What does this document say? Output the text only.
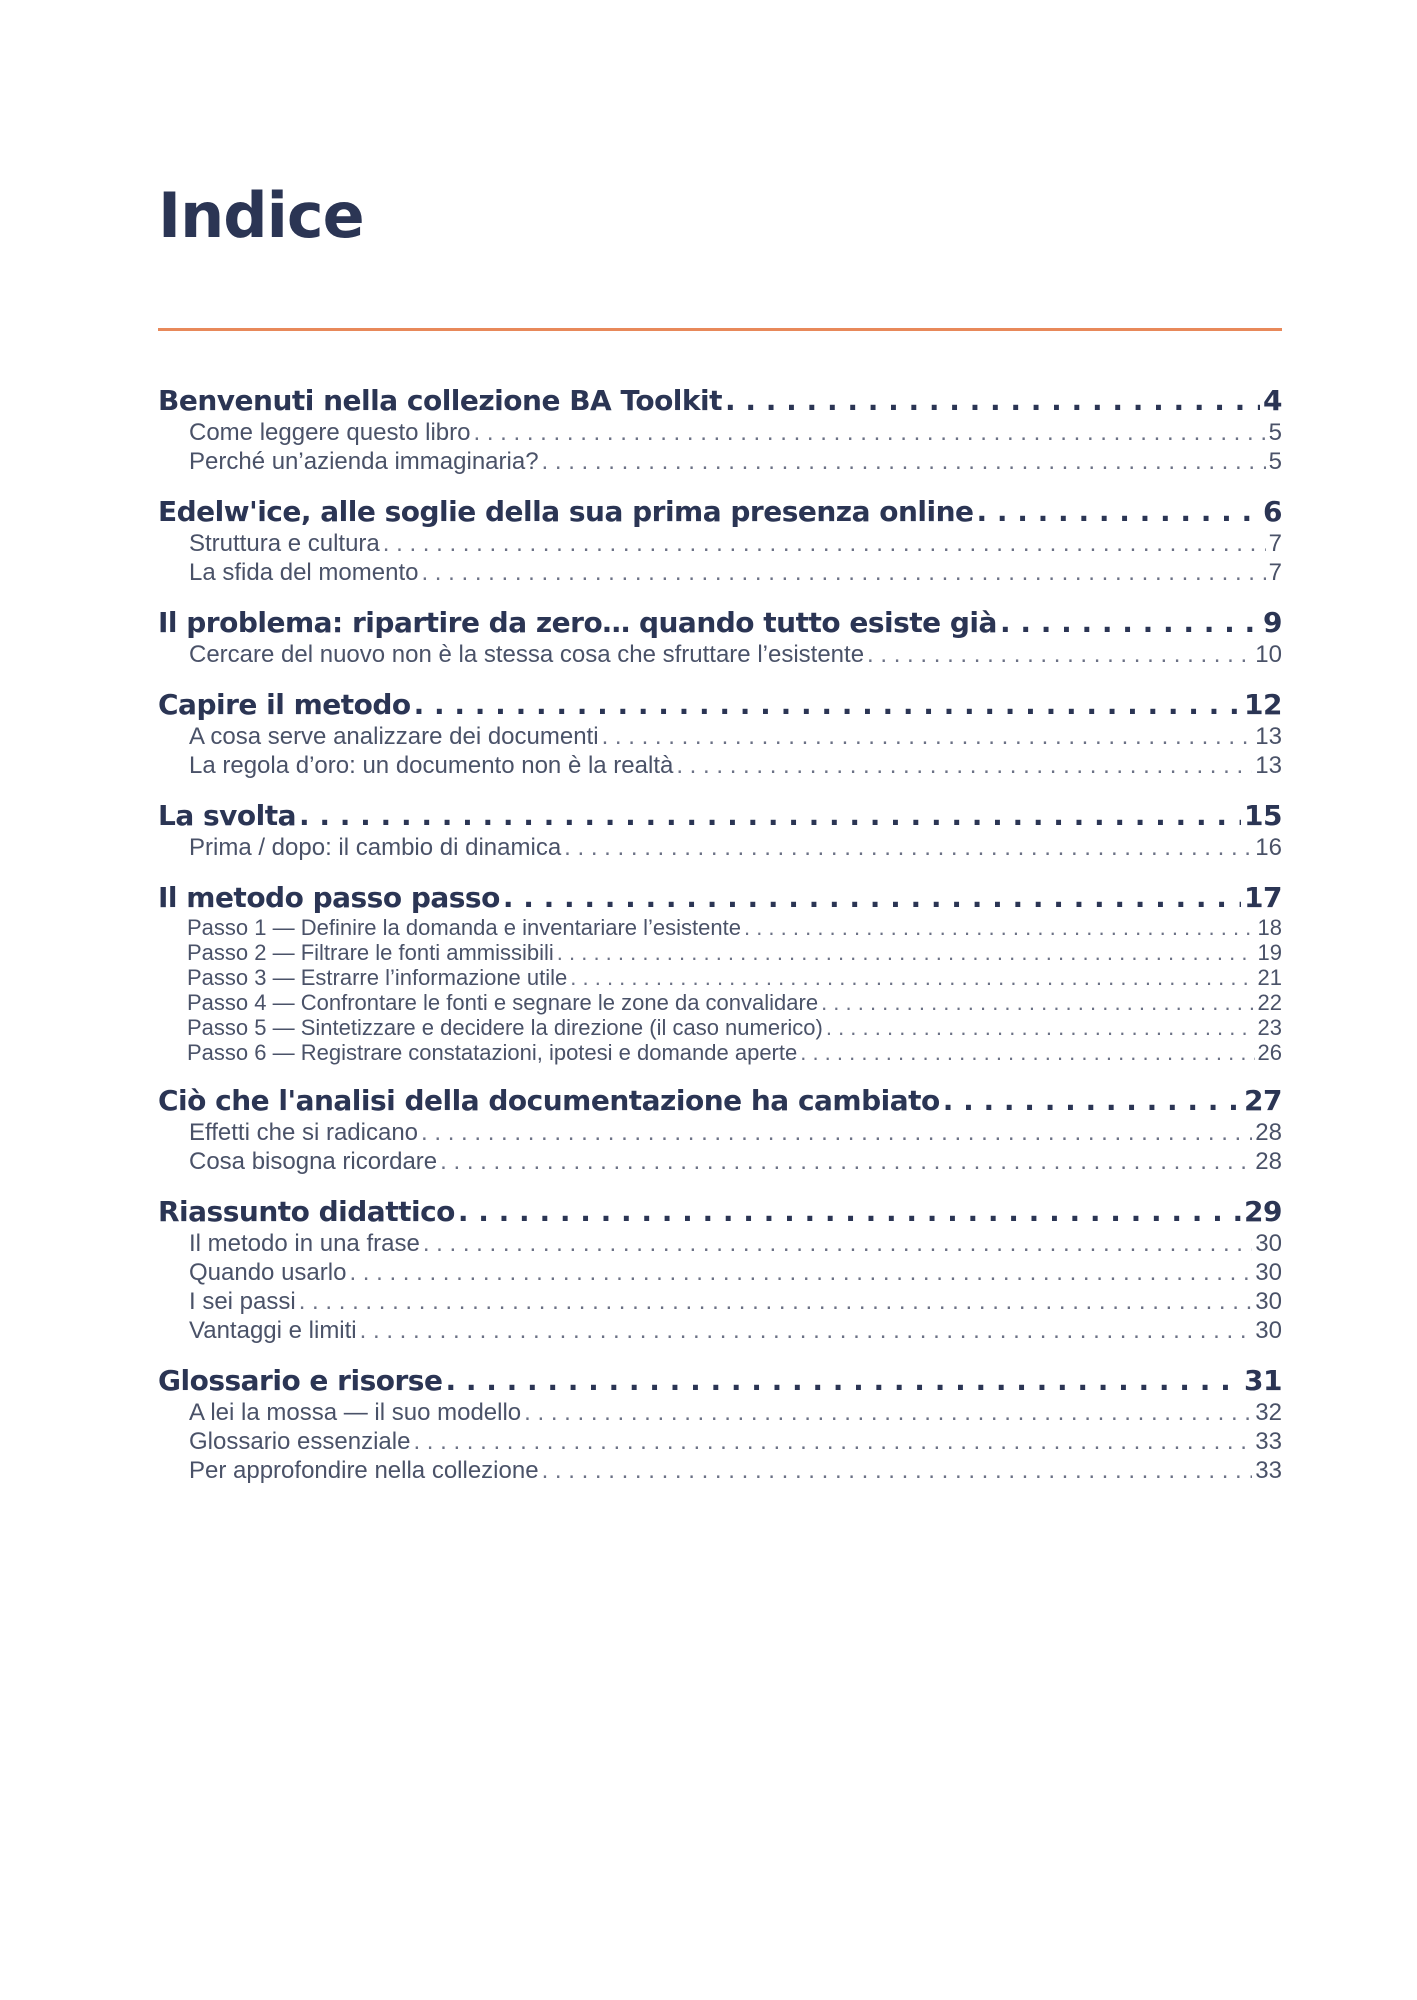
Indice
Benvenuti nella collezione BA Toolkit . . .	4
Come leggere questo libro . . .	5
Perché un’azienda immaginaria? . . .	5
Edelw'ice, alle soglie della sua prima presenza online . . .	6
Struttura e cultura . . .	7
La sfida del momento . . .	7
Il problema: ripartire da zero… quando tutto esiste già . . .	9
Cercare del nuovo non è la stessa cosa che sfruttare l’esistente . . .	10
Capire il metodo . . .	12
A cosa serve analizzare dei documenti . . .	13
La regola d’oro: un documento non è la realtà . . .	13
La svolta . . .	15
Prima / dopo: il cambio di dinamica . . .	16
Il metodo passo passo . . .	17
Passo 1 — Definire la domanda e inventariare l’esistente . . .	18
Passo 2 — Filtrare le fonti ammissibili . . .	19
Passo 3 — Estrarre l’informazione utile . . .	21
Passo 4 — Confrontare le fonti e segnare le zone da convalidare . . .	22
Passo 5 — Sintetizzare e decidere la direzione (il caso numerico) . . .	23
Passo 6 — Registrare constatazioni, ipotesi e domande aperte . . .	26
Ciò che l'analisi della documentazione ha cambiato . . .	27
Effetti che si radicano . . .	28
Cosa bisogna ricordare . . .	28
Riassunto didattico . . .	29
Il metodo in una frase . . .	30
Quando usarlo . . .	30
I sei passi . . .	30
Vantaggi e limiti . . .	30
Glossario e risorse . . .	31
A lei la mossa — il suo modello . . .	32
Glossario essenziale . . .	33
Per approfondire nella collezione . . .	33
